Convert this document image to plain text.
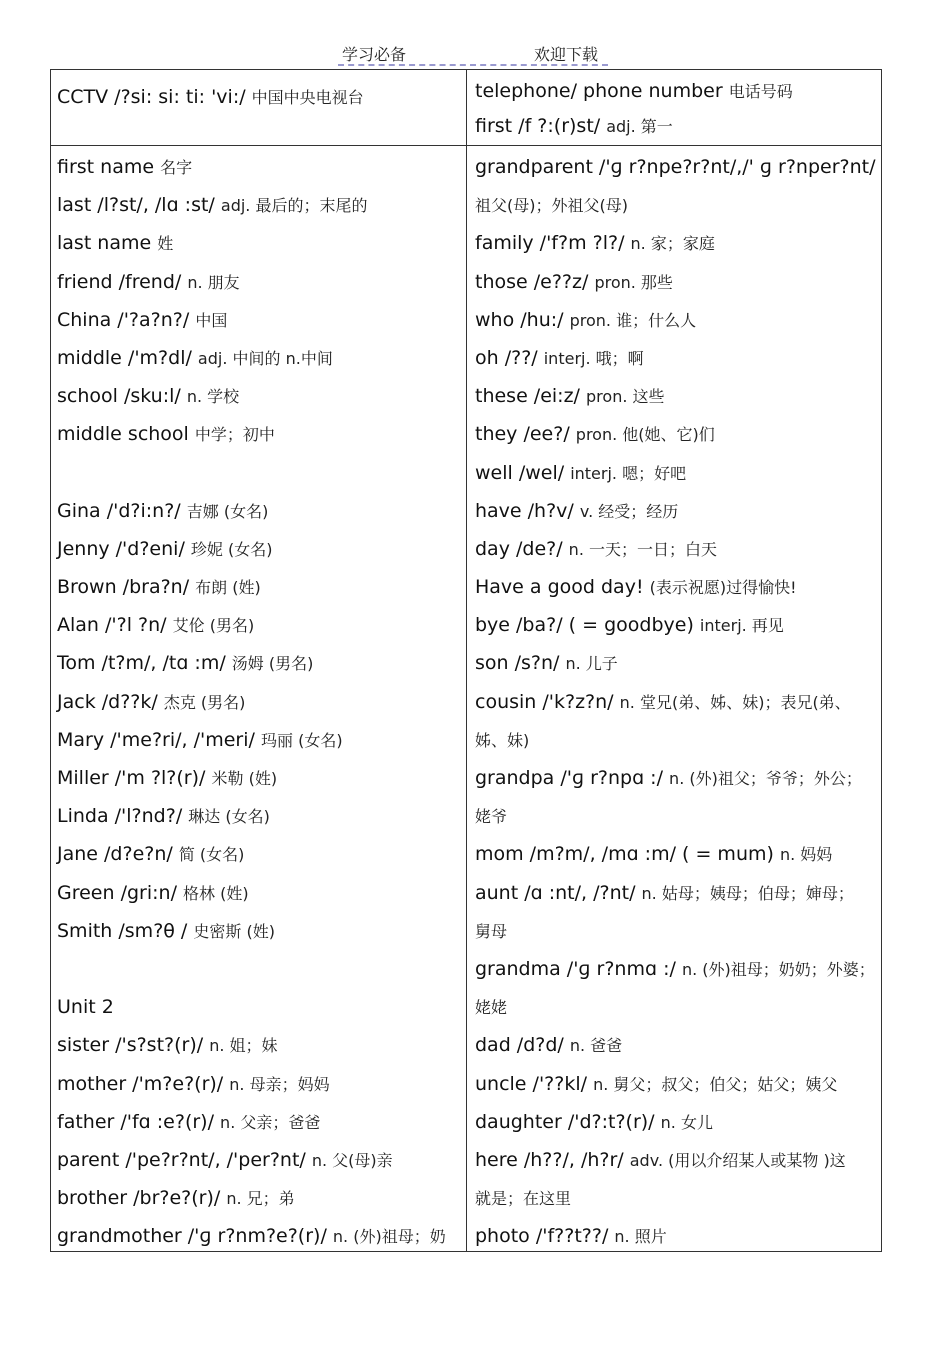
学习必备	欢迎下载
CCTV /?si: si: ti: 'vi:/ 中国中央电视台	telephone/ phone number 电话号码
first /f ?:(r)st/ adj. 第一
first name 名字
last /l?st/, /lɑ :st/ adj. 最后的；末尾的
last name 姓
friend /frend/ n. 朋友
China /'?a?n?/ 中国
middle /'m?dl/ adj. 中间的 n.中间
school /sku:l/ n. 学校
middle school 中学；初中
Gina /'d?i:n?/ 吉娜 (女名)
Jenny /'d?eni/ 珍妮 (女名)
Brown /bra?n/ 布朗 (姓)
Alan /'?l ?n/ 艾伦 (男名)
Tom /t?m/, /tɑ :m/ 汤姆 (男名)
Jack /d??k/ 杰克 (男名)
Mary /'me?ri/, /'meri/ 玛丽 (女名)
Miller /'m ?l?(r)/ 米勒 (姓)
Linda /'l?nd?/ 琳达 (女名)
Jane /d?e?n/ 简 (女名)
Green /gri:n/ 格林 (姓)
Smith /sm?θ / 史密斯 (姓)
Unit 2
sister /'s?st?(r)/ n. 姐；妹
mother /'m?e?(r)/ n. 母亲；妈妈
father /'fɑ :e?(r)/ n. 父亲；爸爸
parent /'pe?r?nt/, /'per?nt/ n. 父(母)亲
brother /br?e?(r)/ n. 兄；弟
grandmother /'ɡ r?nm?e?(r)/ n. (外)祖母；奶
grandparent /'ɡ r?npe?r?nt/,/' ɡ r?nper?nt/
祖父(母)；外祖父(母)
family /'f?m ?l?/ n. 家；家庭
those /e??z/ pron. 那些
who /hu:/ pron. 谁；什么人
oh /??/ interj. 哦；啊
these /ei:z/ pron. 这些
they /ee?/ pron. 他(她、它)们
well /wel/ interj. 嗯；好吧
have /h?v/ v. 经受；经历
day /de?/ n. 一天；一日；白天
Have a good day! (表示祝愿)过得愉快!
bye /ba?/ ( = goodbye) interj. 再见
son /s?n/ n. 儿子
cousin /'k?z?n/ n. 堂兄(弟、姊、妹)；表兄(弟、
姊、妹)
grandpa /'ɡ r?npɑ :/ n. (外)祖父；爷爷；外公；
姥爷
mom /m?m/, /mɑ :m/ ( = mum) n. 妈妈
aunt /ɑ :nt/, /?nt/ n. 姑母；姨母；伯母；婶母；
舅母
grandma /'ɡ r?nmɑ :/ n. (外)祖母；奶奶；外婆；
姥姥
dad /d?d/ n. 爸爸
uncle /'??kl/ n. 舅父；叔父；伯父；姑父；姨父
daughter /'d?:t?(r)/ n. 女儿
here /h??/, /h?r/ adv. (用以介绍某人或某物 )这
就是；在这里
photo /'f??t??/ n. 照片
